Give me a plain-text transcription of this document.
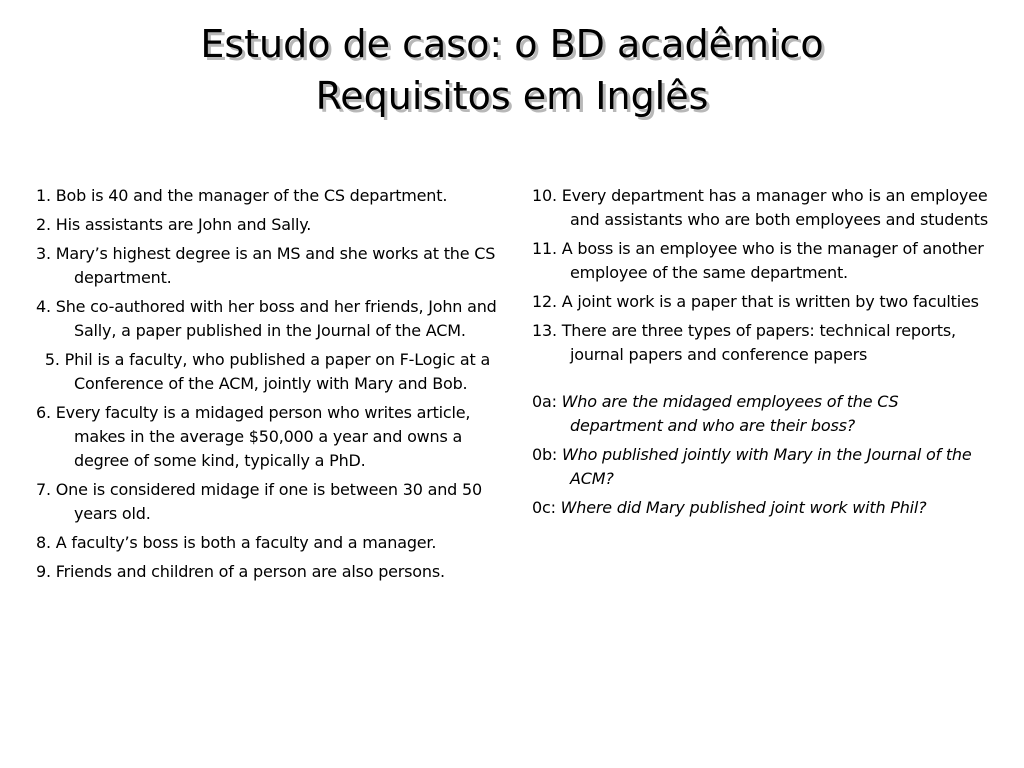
Estudo de caso: o BD acadêmico
Requisitos em Inglês

1. Bob is 40 and the manager of the CS department.

2. His assistants are John and Sally.

3. Mary’s highest degree is an MS and she works at the CS department.

4. She co-authored with her boss and her friends, John and Sally, a paper published in the Journal of the ACM.

5. Phil is a faculty, who published a paper on F-Logic at a Conference of the ACM, jointly with Mary and Bob.

6. Every faculty is a midaged person who writes article, makes in the average $50,000 a year and owns a degree of some kind, typically a PhD.

7. One is considered midage if one is between 30 and 50 years old.

8. A faculty’s boss is both a faculty and a manager.

9. Friends and children of a person are also persons.

10. Every department has a manager who is an employee and assistants who are both employees and students

11. A boss is an employee who is the manager of another employee of the same department.

12. A joint work is a paper that is written by two faculties

13. There are three types of papers: technical reports, journal papers and conference papers

0a: Who are the midaged employees of the CS department and who are their boss?

0b: Who published jointly with Mary in the Journal of the ACM?

0c: Where did Mary published joint work with Phil?
